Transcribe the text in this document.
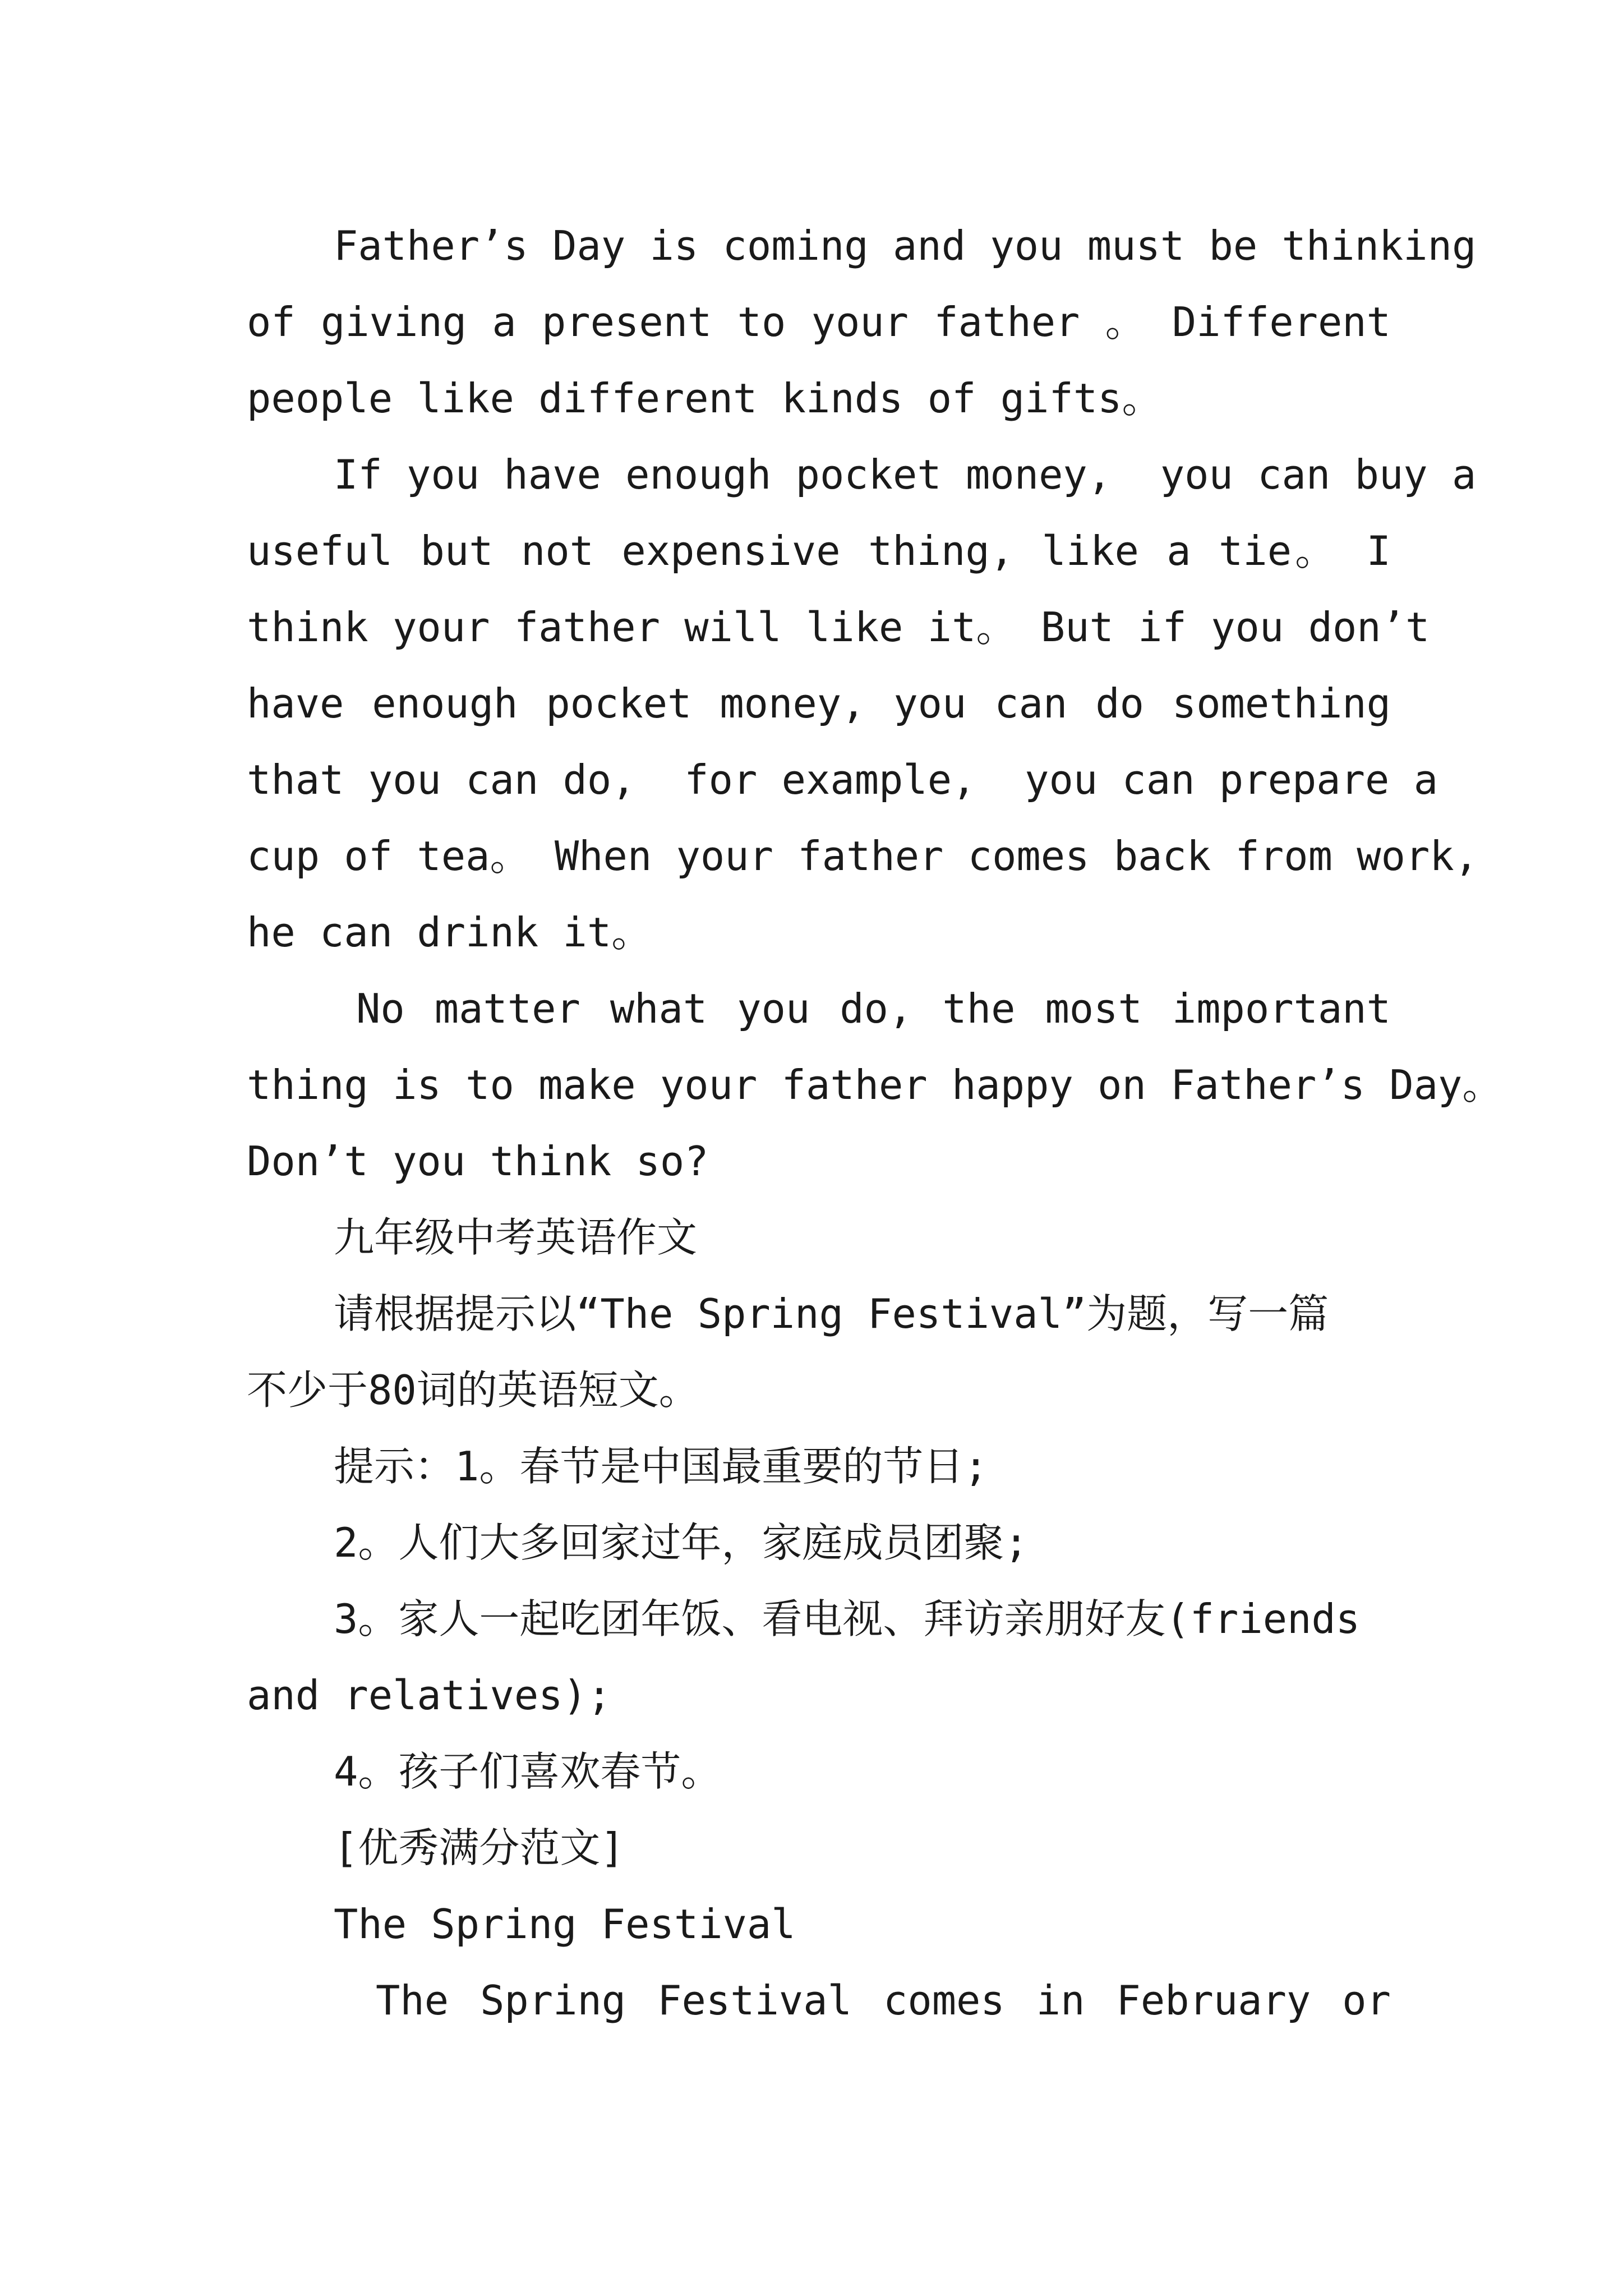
Father’s Day is coming and you must be thinking
of giving a present to your father 。 Different
people like different kinds of gifts。
If you have enough pocket money,  you can buy a
useful but not expensive thing, like a tie。 I
think your father will like it。 But if you don’t
have enough pocket money, you can do something
that you can do,  for example,  you can prepare a
cup of tea。 When your father comes back from work,
he can drink it。
No matter what you do, the most important
thing is to make your father happy on Father’s Day。
Don’t you think so?
九年级中考英语作文
请根据提示以“The Spring Festival”为题，写一篇
不少于80词的英语短文。
提示：1。春节是中国最重要的节日;
2。人们大多回家过年，家庭成员团聚;
3。家人一起吃团年饭、看电视、拜访亲朋好友(friends
and relatives);
4。孩子们喜欢春节。
[优秀满分范文]
The Spring Festival
The Spring Festival comes in February or
